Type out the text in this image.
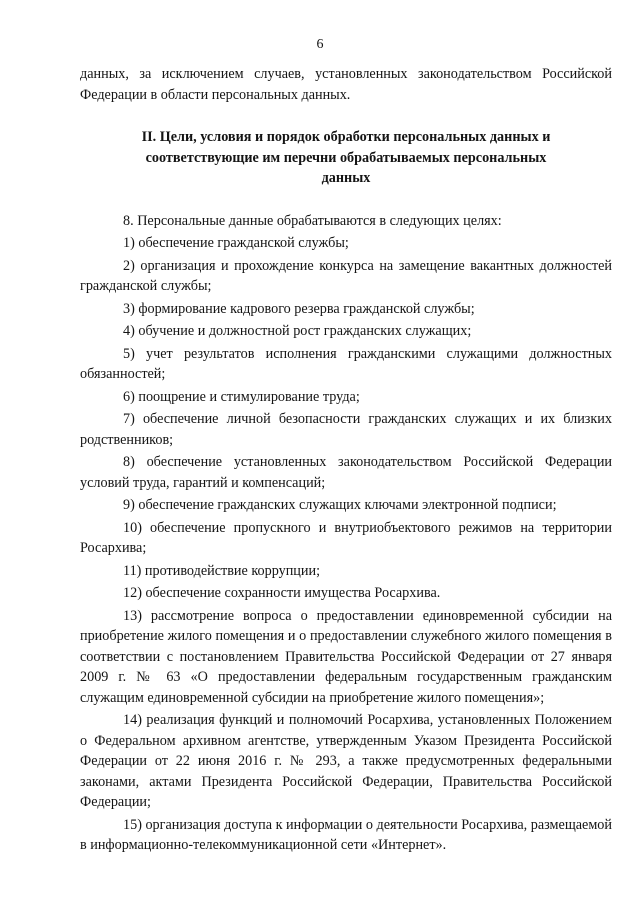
6

данных, за исключением случаев, установленных законодательством Российской Федерации в области персональных данных.

II. Цели, условия и порядок обработки персональных данных и соответствующие им перечни обрабатываемых персональных данных

8. Персональные данные обрабатываются в следующих целях:

1) обеспечение гражданской службы;

2) организация и прохождение конкурса на замещение вакантных должностей гражданской службы;

3) формирование кадрового резерва гражданской службы;

4) обучение и должностной рост гражданских служащих;

5) учет результатов исполнения гражданскими служащими должностных обязанностей;

6) поощрение и стимулирование труда;

7) обеспечение личной безопасности гражданских служащих и их близких родственников;

8) обеспечение установленных законодательством Российской Федерации условий труда, гарантий и компенсаций;

9) обеспечение гражданских служащих ключами электронной подписи;

10) обеспечение пропускного и внутриобъектового режимов на территории Росархива;

11) противодействие коррупции;

12) обеспечение сохранности имущества Росархива.

13) рассмотрение вопроса о предоставлении единовременной субсидии на приобретение жилого помещения и о предоставлении служебного жилого помещения в соответствии с постановлением Правительства Российской Федерации от 27 января 2009 г. № 63 «О предоставлении федеральным государственным гражданским служащим единовременной субсидии на приобретение жилого помещения»;

14) реализация функций и полномочий Росархива, установленных Положением о Федеральном архивном агентстве, утвержденным Указом Президента Российской Федерации от 22 июня 2016 г. № 293, а также предусмотренных федеральными законами, актами Президента Российской Федерации, Правительства Российской Федерации;

15) организация доступа к информации о деятельности Росархива, размещаемой в информационно-телекоммуникационной сети «Интернет».
